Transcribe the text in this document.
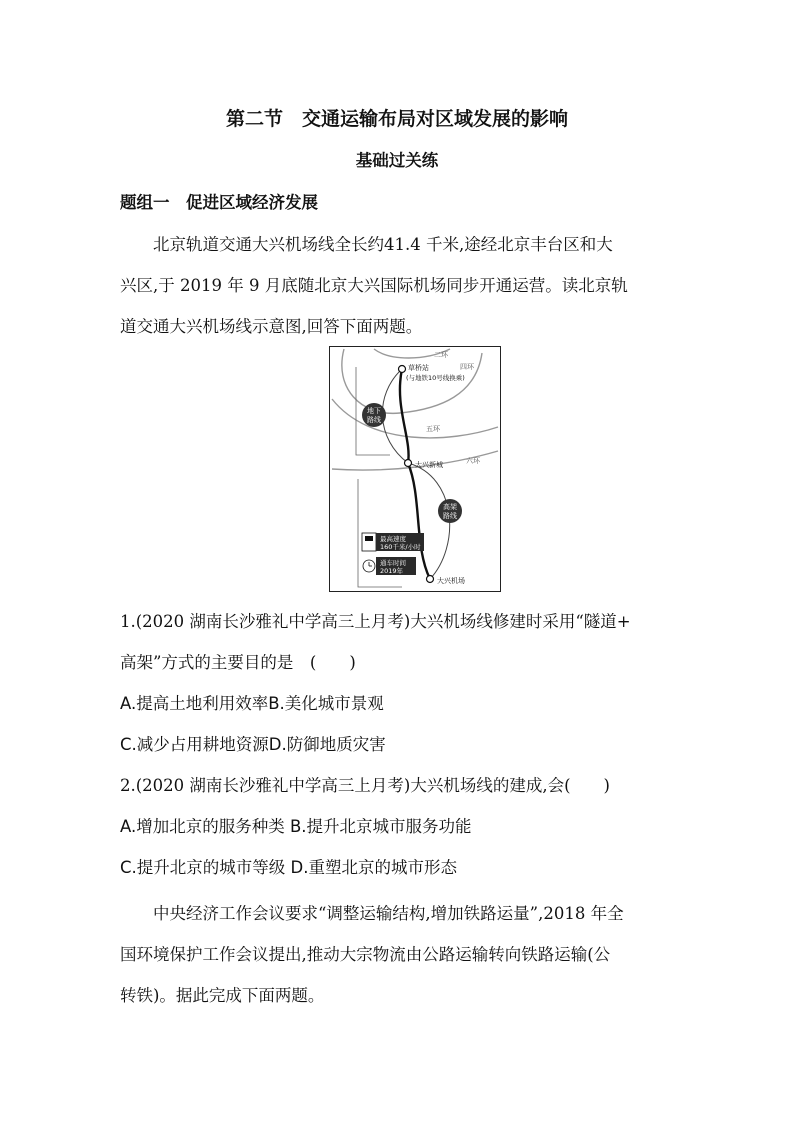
第二节　交通运输布局对区域发展的影响
基础过关练
题组一　促进区域经济发展
北京轨道交通大兴机场线全长约41.4 千米,途经北京丰台区和大
兴区,于 2019 年 9 月底随北京大兴国际机场同步开通运营。读北京轨
道交通大兴机场线示意图,回答下面两题。
二环
四环
五环
六环
草桥站
(与地铁10号线换乘)
大兴新城
大兴机场
地下
路线
高架
路线
最高速度
160千米/小时
通车时间
2019年
1.(2020 湖南长沙雅礼中学高三上月考)大兴机场线修建时采用“隧道+
高架”方式的主要目的是　(　　)
A.提高土地利用效率B.美化城市景观
C.减少占用耕地资源D.防御地质灾害
2.(2020 湖南长沙雅礼中学高三上月考)大兴机场线的建成,会(　　)
A.增加北京的服务种类 B.提升北京城市服务功能
C.提升北京的城市等级 D.重塑北京的城市形态
中央经济工作会议要求“调整运输结构,增加铁路运量”,2018 年全
国环境保护工作会议提出,推动大宗物流由公路运输转向铁路运输(公
转铁)。据此完成下面两题。
